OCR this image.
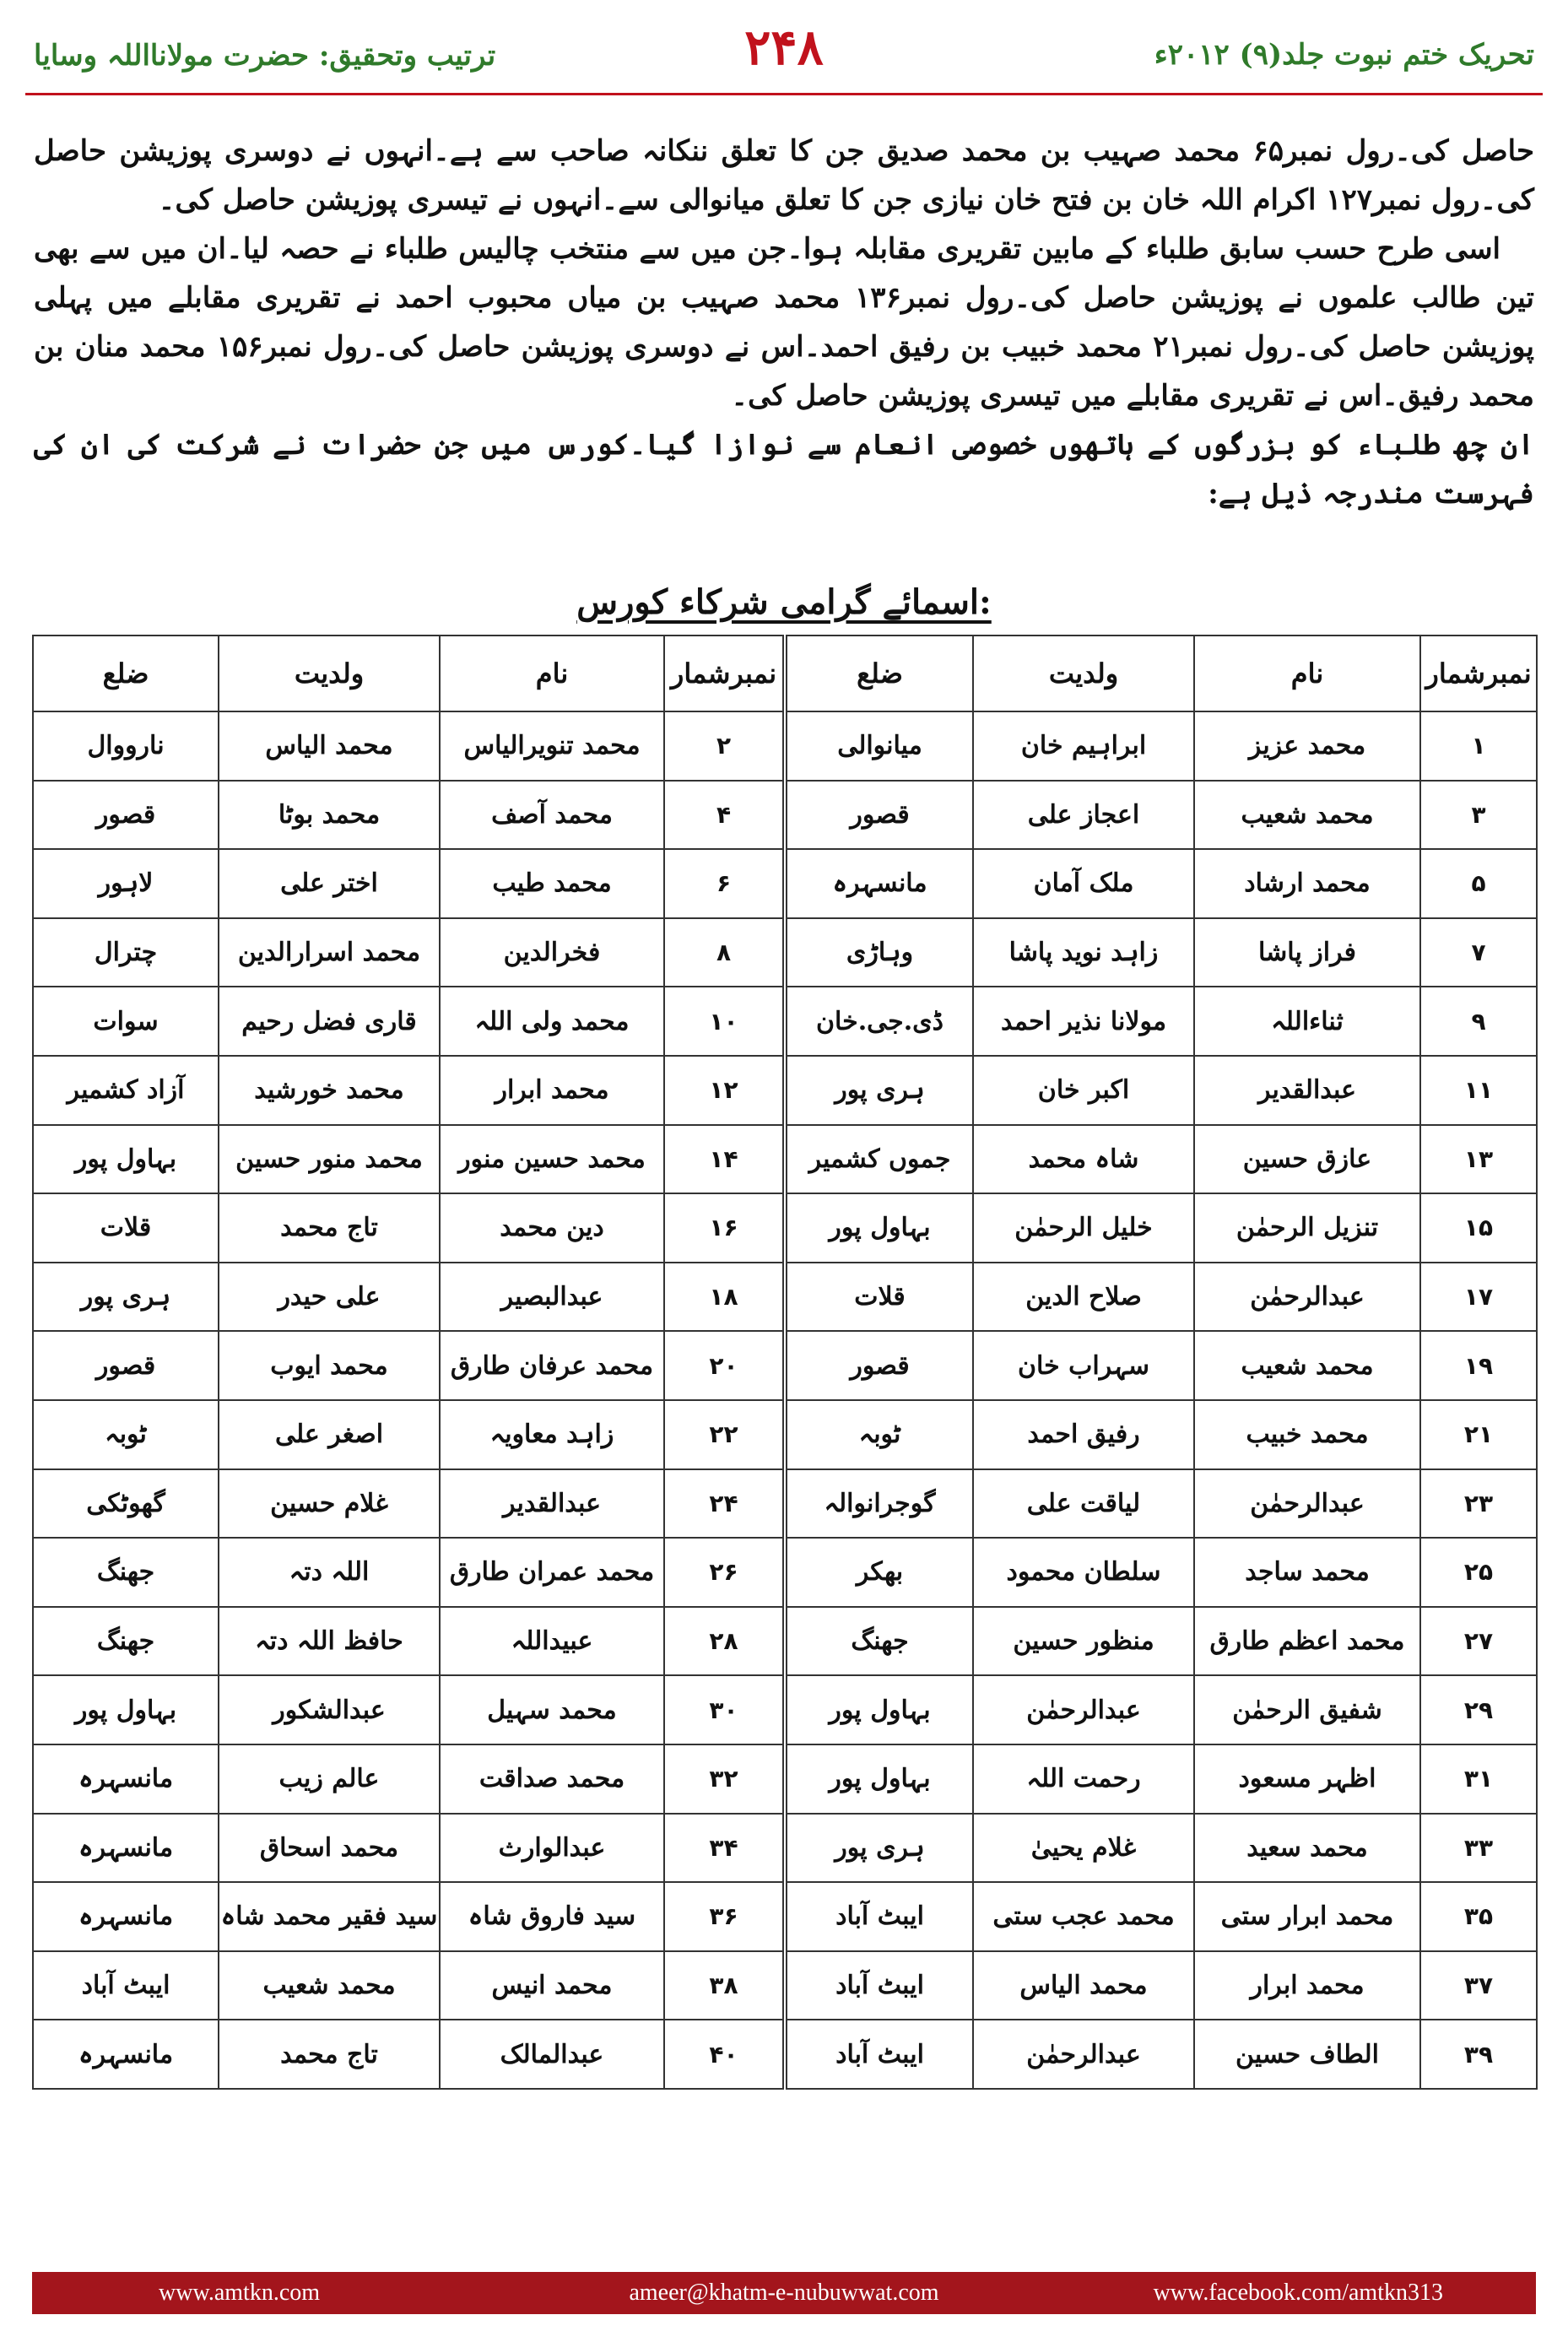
ترتیب وتحقیق: حضرت مولانااللہ وسایا	۲۴۸	تحریک ختم نبوت جلد(۹) ۲۰۱۲ء

حاصل کی۔رول نمبر۶۵ محمد صہیب بن محمد صدیق جن کا تعلق ننکانہ صاحب سے ہے۔انہوں نے دوسری پوزیشن حاصل کی۔رول نمبر۱۲۷ اکرام اللہ خان بن فتح خان نیازی جن کا تعلق میانوالی سے۔انہوں نے تیسری پوزیشن حاصل کی۔

اسی طرح حسب سابق طلباء کے مابین تقریری مقابلہ ہوا۔جن میں سے منتخب چالیس طلباء نے حصہ لیا۔ان میں سے بھی تین طالب علموں نے پوزیشن حاصل کی۔رول نمبر۱۳۶ محمد صہیب بن میاں محبوب احمد نے تقریری مقابلے میں پہلی پوزیشن حاصل کی۔رول نمبر۲۱ محمد خبیب بن رفیق احمد۔اس نے دوسری پوزیشن حاصل کی۔رول نمبر۱۵۶ محمد منان بن محمد رفیق۔اس نے تقریری مقابلے میں تیسری پوزیشن حاصل کی۔

ان چھ طلباء کو بزرگوں کے ہاتھوں خصوصی انعام سے نوازا گیا۔کورس میں جن حضرات نے شرکت کی ان کی فہرست مندرجہ ذیل ہے:

اسمائے گرامی شرکاء کورس:
نمبرشمار	نام	ولدیت	ضلع	نمبرشمار	نام	ولدیت	ضلع
۱	محمد عزیز	ابراہیم خان	میانوالی	۲	محمد تنویرالیاس	محمد الیاس	نارووال
۳	محمد شعیب	اعجاز علی	قصور	۴	محمد آصف	محمد بوٹا	قصور
۵	محمد ارشاد	ملک آمان	مانسہرہ	۶	محمد طیب	اختر علی	لاہور
۷	فراز پاشا	زاہد نوید پاشا	وہاڑی	۸	فخرالدین	محمد اسرارالدین	چترال
۹	ثناءاللہ	مولانا نذیر احمد	ڈی.جی.خان	۱۰	محمد ولی اللہ	قاری فضل رحیم	سوات
۱۱	عبدالقدیر	اکبر خان	ہری پور	۱۲	محمد ابرار	محمد خورشید	آزاد کشمیر
۱۳	عازق حسین	شاہ محمد	جموں کشمیر	۱۴	محمد حسین منور	محمد منور حسین	بہاول پور
۱۵	تنزیل الرحمٰن	خلیل الرحمٰن	بہاول پور	۱۶	دین محمد	تاج محمد	قلات
۱۷	عبدالرحمٰن	صلاح الدین	قلات	۱۸	عبدالبصیر	علی حیدر	ہری پور
۱۹	محمد شعیب	سہراب خان	قصور	۲۰	محمد عرفان طارق	محمد ایوب	قصور
۲۱	محمد خبیب	رفیق احمد	ٹوبہ	۲۲	زاہد معاویہ	اصغر علی	ٹوبہ
۲۳	عبدالرحمٰن	لیاقت علی	گوجرانوالہ	۲۴	عبدالقدیر	غلام حسین	گھوٹکی
۲۵	محمد ساجد	سلطان محمود	بھکر	۲۶	محمد عمران طارق	اللہ دتہ	جھنگ
۲۷	محمد اعظم طارق	منظور حسین	جھنگ	۲۸	عبیداللہ	حافظ اللہ دتہ	جھنگ
۲۹	شفیق الرحمٰن	عبدالرحمٰن	بہاول پور	۳۰	محمد سہیل	عبدالشکور	بہاول پور
۳۱	اظہر مسعود	رحمت اللہ	بہاول پور	۳۲	محمد صداقت	عالم زیب	مانسہرہ
۳۳	محمد سعید	غلام یحییٰ	ہری پور	۳۴	عبدالوارث	محمد اسحاق	مانسہرہ
۳۵	محمد ابرار ستی	محمد عجب ستی	ایبٹ آباد	۳۶	سید فاروق شاہ	سید فقیر محمد شاہ	مانسہرہ
۳۷	محمد ابرار	محمد الیاس	ایبٹ آباد	۳۸	محمد انیس	محمد شعیب	ایبٹ آباد
۳۹	الطاف حسین	عبدالرحمٰن	ایبٹ آباد	۴۰	عبدالمالک	تاج محمد	مانسہرہ
www.amtkn.com	ameer@khatm-e-nubuwwat.com	www.facebook.com/amtkn313
